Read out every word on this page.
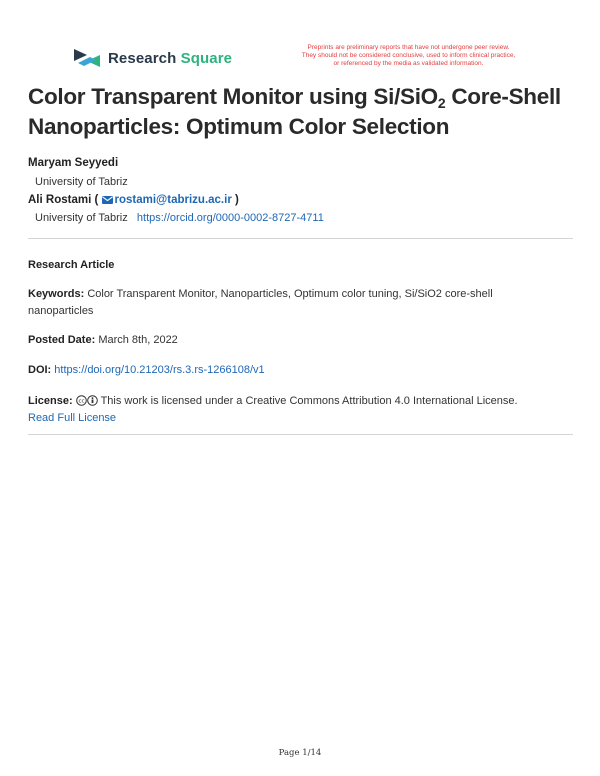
Research Square
Preprints are preliminary reports that have not undergone peer review.
They should not be considered conclusive, used to inform clinical practice,
or referenced by the media as validated information.
Color Transparent Monitor using Si/SiO$_2$ Core-Shell Nanoparticles: Optimum Color Selection
Maryam Seyyedi
University of Tabriz
Ali Rostami ( rostami@tabrizu.ac.ir )
University of Tabriz https://orcid.org/0000-0002-8727-4711
Research Article
Keywords: Color Transparent Monitor, Nanoparticles, Optimum color tuning, Si/SiO2 core-shell nanoparticles
Posted Date: March 8th, 2022
DOI: https://doi.org/10.21203/rs.3.rs-1266108/v1
License: cc This work is licensed under a Creative Commons Attribution 4.0 International License.
Read Full License
Page 1/14
